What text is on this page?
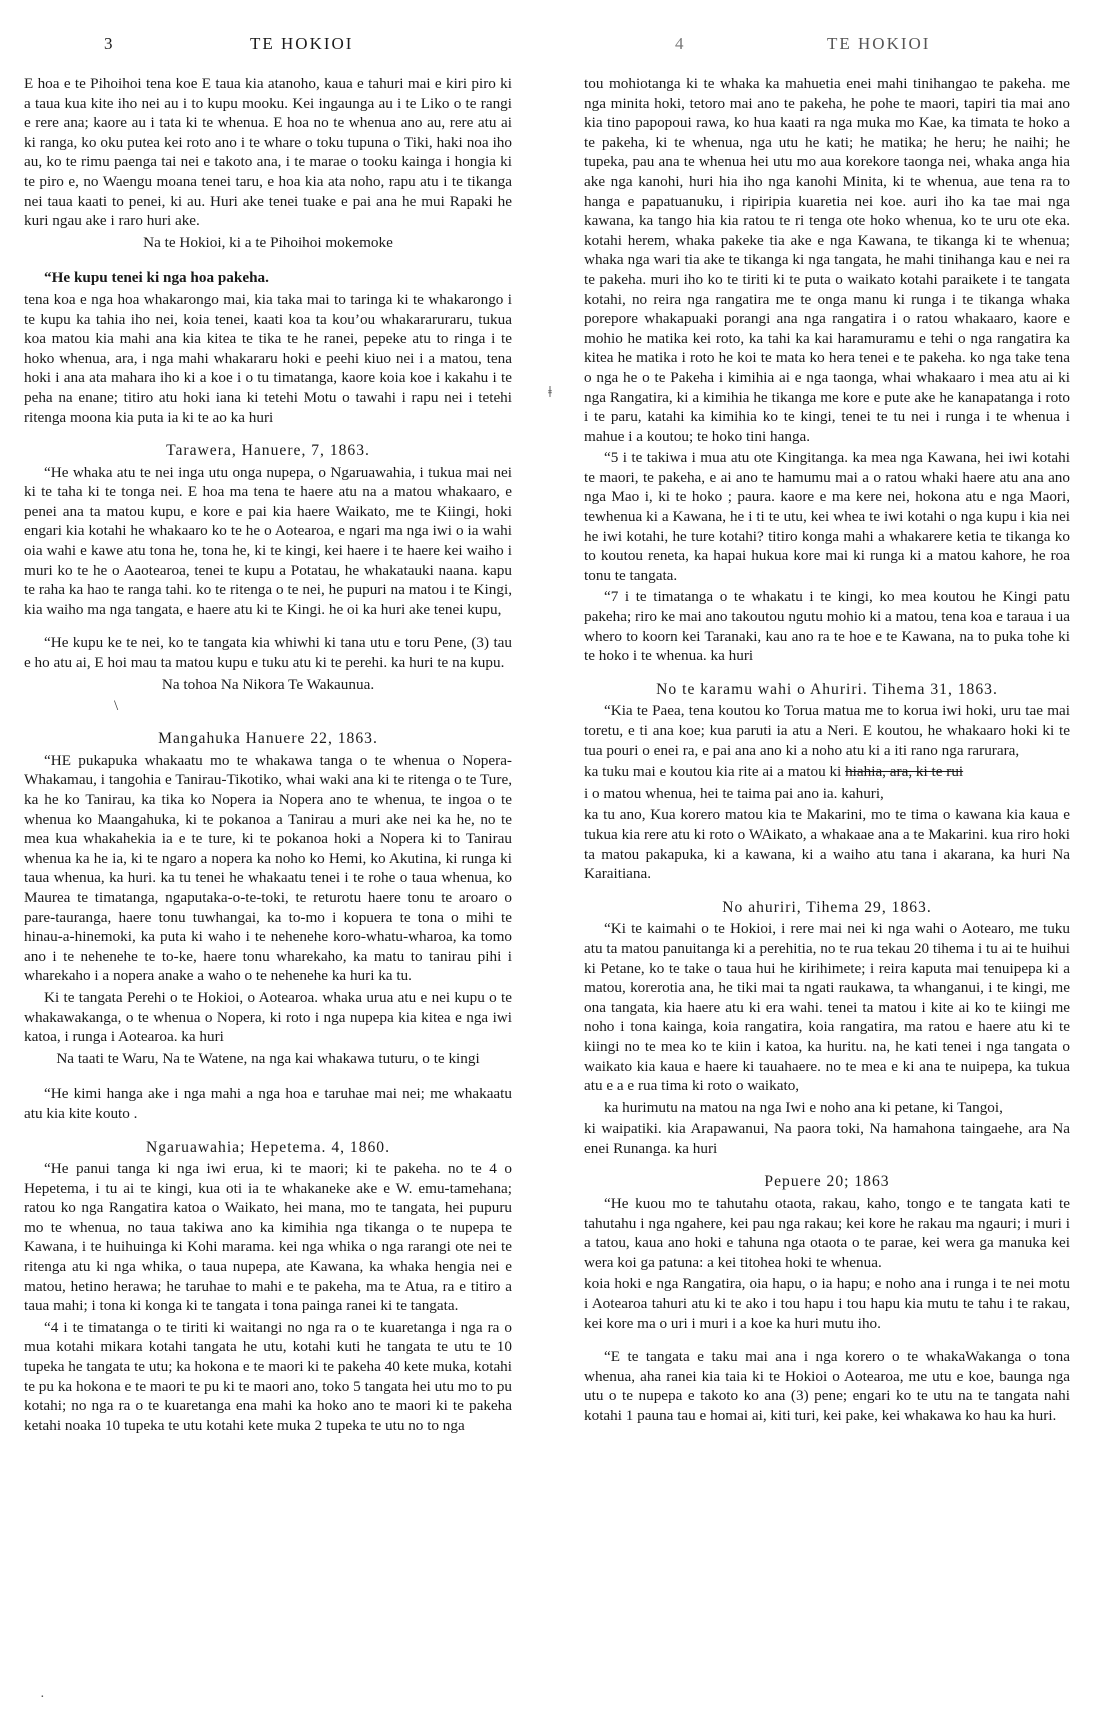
3	TE HOKIOI	4	TE HOKIOI

E hoa e te Pihoihoi tena koe E taua kia atanoho, kaua e tahuri mai e kiri piro ki a taua kua kite iho nei au i to kupu mooku. Kei ingaunga au i te Liko o te rangi e rere ana; kaore au i tata ki te whenua. E hoa no te whenua ano au, rere atu ai ki ranga, ko oku putea kei roto ano i te whare o toku tupuna o Tiki, haki noa iho au, ko te rimu paenga tai nei e takoto ana, i te marae o tooku kainga i hongia ki te piro e, no Waengu moana tenei taru, e hoa kia ata noho, rapu atu i te tikanga nei taua kaati to penei, ki au. Huri ake tenei tuake e pai ana he mui Rapaki he kuri ngau ake i raro huri ake.

Na te Hokioi, ki a te Pihoihoi mokemoke

“He kupu tenei ki nga hoa pakeha.

tena koa e nga hoa whakarongo mai, kia taka mai to taringa ki te whakarongo i te kupu ka tahia iho nei, koia tenei, kaati koa ta kou’ou whakararuraru, tukua koa matou kia mahi ana kia kitea te tika te he ranei, pepeke atu to ringa i te hoko whenua, ara, i nga mahi whakararu hoki e peehi kiuo nei i a matou, tena hoki i ana ata mahara iho ki a koe i o tu timatanga, kaore koia koe i kakahu i te peha na enane; titiro atu hoki iana ki tetehi Motu o tawahi i rapu nei i tetehi ritenga moona kia puta ia ki te ao ka huri

Tarawera, Hanuere, 7, 1863.

“He whaka atu te nei inga utu onga nupepa, o Ngaruawahia, i tukua mai nei ki te taha ki te tonga nei. E hoa ma tena te haere atu na a matou whakaaro, e penei ana ta matou kupu, e kore e pai kia haere Waikato, me te Kiingi, hoki engari kia kotahi he whakaaro ko te he o Aotearoa, e ngari ma nga iwi o ia wahi oia wahi e kawe atu tona he, tona he, ki te kingi, kei haere i te haere kei waiho i muri ko te he o Aaotearoa, tenei te kupu a Potatau, he whakatauki naana. kapu te raha ka hao te ranga tahi. ko te ritenga o te nei, he pupuri na matou i te Kingi, kia waiho ma nga tangata, e haere atu ki te Kingi. he oi ka huri ake tenei kupu,

“He kupu ke te nei, ko te tangata kia whiwhi ki tana utu e toru Pene, (3) tau e ho atu ai, E hoi mau ta matou kupu e tuku atu ki te perehi. ka huri te na kupu.

Na tohoa Na Nikora Te Wakaunua.

\

Mangahuka Hanuere 22, 1863.

“HE pukapuka whakaatu mo te whakawa tanga o te whenua o Nopera-Whakamau, i tangohia e Tanirau-Tikotiko, whai waki ana ki te ritenga o te Ture, ka he ko Tanirau, ka tika ko Nopera ia Nopera ano te whenua, te ingoa o te whenua ko Maangahuka, ki te pokanoa a Tanirau a muri ake nei ka he, no te mea kua whakahekia ia e te ture, ki te pokanoa hoki a Nopera ki to Tanirau whenua ka he ia, ki te ngaro a nopera ka noho ko Hemi, ko Akutina, ki runga ki taua whenua, ka huri. ka tu tenei he whakaatu tenei i te rohe o taua whenua, ko Maurea te timatanga, ngaputaka-o-te-toki, te returotu haere tonu te aroaro o pare-tauranga, haere tonu tuwhangai, ka to-mo i kopuera te tona o mihi te hinau-a-hinemoki, ka puta ki waho i te nehenehe koro-whatu-wharoa, ka tomo ano i te nehenehe te to-ke, haere tonu wharekaho, ka matu to tanirau pihi i wharekaho i a nopera anake a waho o te nehenehe ka huri ka tu.

Ki te tangata Perehi o te Hokioi, o Aotearoa. whaka urua atu e nei kupu o te whakawakanga, o te whenua o Nopera, ki roto i nga nupepa kia kitea e nga iwi katoa, i runga i Aotearoa. ka huri

Na taati te Waru, Na te Watene, na nga kai whakawa tuturu, o te kingi

“He kimi hanga ake i nga mahi a nga hoa e taruhae mai nei; me whakaatu atu kia kite kouto .

Ngaruawahia; Hepetema. 4, 1860.

“He panui tanga ki nga iwi erua, ki te maori; ki te pakeha. no te 4 o Hepetema, i tu ai te kingi, kua oti ia te whakaneke ake e W. emu-tamehana; ratou ko nga Rangatira katoa o Waikato, hei mana, mo te tangata, hei pupuru mo te whenua, no taua takiwa ano ka kimihia nga tikanga o te nupepa te Kawana, i te huihuinga ki Kohi marama. kei nga whika o nga rarangi ote nei te ritenga atu ki nga whika, o taua nupepa, ate Kawana, ka whaka hengia nei e matou, hetino herawa; he taruhae to mahi e te pakeha, ma te Atua, ra e titiro a taua mahi; i tona ki konga ki te tangata i tona painga ranei ki te tangata.

“4 i te timatanga o te tiriti ki waitangi no nga ra o te kuaretanga i nga ra o mua kotahi mikara kotahi tangata he utu, kotahi kuti he tangata te utu te 10 tupeka he tangata te utu; ka hokona e te maori ki te pakeha 40 kete muka, kotahi te pu ka hokona e te maori te pu ki te maori ano, toko 5 tangata hei utu mo to pu kotahi; no nga ra o te kuaretanga ena mahi ka hoko ano te maori ki te pakeha ketahi noaka 10 tupeka te utu kotahi kete muka 2 tupeka te utu no to nga

ǂ

tou mohiotanga ki te whaka ka mahuetia enei mahi tinihangao te pakeha. me nga minita hoki, tetoro mai ano te pakeha, he pohe te maori, tapiri tia mai ano kia tino papopoui rawa, ko hua kaati ra nga muka mo Kae, ka timata te hoko a te pakeha, ki te whenua, nga utu he kati; he matika; he heru; he naihi; he tupeka, pau ana te whenua hei utu mo aua korekore taonga nei, whaka anga hia ake nga kanohi, huri hia iho nga kanohi Minita, ki te whenua, aue tena ra to hanga e papatuanuku, i ripiripia kuaretia nei koe. auri iho ka tae mai nga kawana, ka tango hia kia ratou te ri tenga ote hoko whenua, ko te uru ote eka. kotahi herem, whaka pakeke tia ake e nga Kawana, te tikanga ki te whenua; whaka nga wari tia ake te tikanga ki nga tangata, he mahi tinihanga kau e nei ra te pakeha. muri iho ko te tiriti ki te puta o waikato kotahi paraikete i te tangata kotahi, no reira nga rangatira me te onga manu ki runga i te tikanga whaka porepore whakapuaki porangi ana nga rangatira i o ratou whakaaro, kaore e mohio he matika kei roto, ka tahi ka kai haramuramu e tehi o nga rangatira ka kitea he matika i roto he koi te mata ko hera tenei e te pakeha. ko nga take tena o nga he o te Pakeha i kimihia ai e nga taonga, whai whakaaro i mea atu ai ki nga Rangatira, ki a kimihia he tikanga me kore e pute ake he kanapatanga i roto i te paru, katahi ka kimihia ko te kingi, tenei te tu nei i runga i te whenua i mahue i a koutou; te hoko tini hanga.

“5 i te takiwa i mua atu ote Kingitanga. ka mea nga Kawana, hei iwi kotahi te maori, te pakeha, e ai ano te hamumu mai a o ratou whaki haere atu ana ano nga Mao i, ki te hoko ; paura. kaore e ma kere nei, hokona atu e nga Maori, tewhenua ki a Kawana, he i ti te utu, kei whea te iwi kotahi o nga kupu i kia nei he iwi kotahi, he ture kotahi? titiro konga mahi a whakarere ketia te tikanga ko to koutou reneta, ka hapai hukua kore mai ki runga ki a matou kahore, he roa tonu te tangata.

“7 i te timatanga o te whakatu i te kingi, ko mea koutou he Kingi patu pakeha; riro ke mai ano takoutou ngutu mohio ki a matou, tena koa e taraua i ua whero to koorn kei Taranaki, kau ano ra te hoe e te Kawana, na to puka tohe ki te hoko i te whenua. ka huri

No te karamu wahi o Ahuriri. Tihema 31, 1863.

“Kia te Paea, tena koutou ko Torua matua me to korua iwi hoki, uru tae mai toretu, e ti ana koe; kua paruti ia atu a Neri. E koutou, he whakaaro hoki ki te tua pouri o enei ra, e pai ana ano ki a noho atu ki a iti rano nga rarurara,

ka tuku mai e koutou kia rite ai a matou ki hiahia, ara, ki te rui

i o matou whenua, hei te taima pai ano ia. kahuri,

ka tu ano, Kua korero matou kia te Makarini, mo te tima o kawana kia kaua e tukua kia rere atu ki roto o WAikato, a whakaae ana a te Makarini. kua riro hoki ta matou pakapuka, ki a kawana, ki a waiho atu tana i akarana, ka huri Na Karaitiana.

No ahuriri, Tihema 29, 1863.

“Ki te kaimahi o te Hokioi, i rere mai nei ki nga wahi o Aotearo, me tuku atu ta matou panuitanga ki a perehitia, no te rua tekau 20 tihema i tu ai te huihui ki Petane, ko te take o taua hui he kirihimete; i reira kaputa mai tenuipepa ki a matou, korerotia ana, he tiki mai ta ngati raukawa, ta whanganui, i te kingi, me ona tangata, kia haere atu ki era wahi. tenei ta matou i kite ai ko te kiingi me noho i tona kainga, koia rangatira, koia rangatira, ma ratou e haere atu ki te kiingi no te mea ko te kiin i katoa, ka huritu. na, he kati tenei i nga tangata o waikato kia kaua e haere ki tauahaere. no te mea e ki ana te nuipepa, ka tukua atu e a e rua tima ki roto o waikato,

ka hurimutu na matou na nga Iwi e noho ana ki petane, ki Tangoi,

ki waipatiki. kia Arapawanui, Na paora toki, Na hamahona taingaehe, ara Na enei Runanga. ka huri

Pepuere 20; 1863

“He kuou mo te tahutahu otaota, rakau, kaho, tongo e te tangata kati te tahutahu i nga ngahere, kei pau nga rakau; kei kore he rakau ma ngauri; i muri i a tatou, kaua ano hoki e tahuna nga otaota o te parae, kei wera ga manuka kei wera koi ga patuna: a kei titohea hoki te whenua.

koia hoki e nga Rangatira, oia hapu, o ia hapu; e noho ana i runga i te nei motu i Aotearoa tahuri atu ki te ako i tou hapu i tou hapu kia mutu te tahu i te rakau, kei kore ma o uri i muri i a koe ka huri mutu iho.

“E te tangata e taku mai ana i nga korero o te whakaWakanga o tona whenua, aha ranei kia taia ki te Hokioi o Aotearoa, me utu e koe, baunga nga utu o te nupepa e takoto ko ana (3) pene; engari ko te utu na te tangata nahi kotahi 1 pauna tau e homai ai, kiti turi, kei pake, kei whakawa ko hau ka huri.

·
